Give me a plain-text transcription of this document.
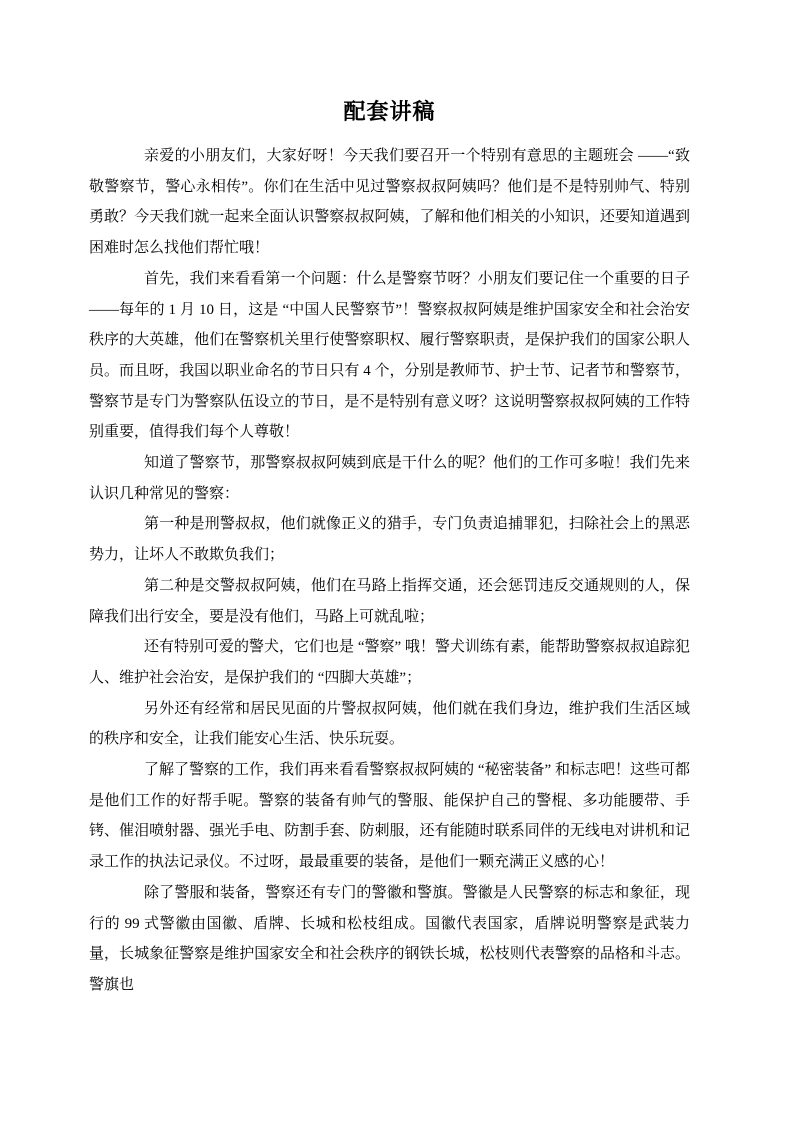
配套讲稿

亲爱的小朋友们，大家好呀！今天我们要召开一个特别有意思的主题班会 ——“致敬警察节，警心永相传”。你们在生活中见过警察叔叔阿姨吗？他们是不是特别帅气、特别勇敢？今天我们就一起来全面认识警察叔叔阿姨，了解和他们相关的小知识，还要知道遇到困难时怎么找他们帮忙哦！

首先，我们来看看第一个问题：什么是警察节呀？小朋友们要记住一个重要的日子 ——每年的 1 月 10 日，这是 “中国人民警察节”！警察叔叔阿姨是维护国家安全和社会治安秩序的大英雄，他们在警察机关里行使警察职权、履行警察职责，是保护我们的国家公职人员。而且呀，我国以职业命名的节日只有 4 个，分别是教师节、护士节、记者节和警察节，警察节是专门为警察队伍设立的节日，是不是特别有意义呀？这说明警察叔叔阿姨的工作特别重要，值得我们每个人尊敬！

知道了警察节，那警察叔叔阿姨到底是干什么的呢？他们的工作可多啦！我们先来认识几种常见的警察：

第一种是刑警叔叔，他们就像正义的猎手，专门负责追捕罪犯，扫除社会上的黑恶势力，让坏人不敢欺负我们；

第二种是交警叔叔阿姨，他们在马路上指挥交通，还会惩罚违反交通规则的人，保障我们出行安全，要是没有他们，马路上可就乱啦；

还有特别可爱的警犬，它们也是 “警察” 哦！警犬训练有素，能帮助警察叔叔追踪犯人、维护社会治安，是保护我们的 “四脚大英雄”；

另外还有经常和居民见面的片警叔叔阿姨，他们就在我们身边，维护我们生活区域的秩序和安全，让我们能安心生活、快乐玩耍。

了解了警察的工作，我们再来看看警察叔叔阿姨的 “秘密装备” 和标志吧！这些可都是他们工作的好帮手呢。警察的装备有帅气的警服、能保护自己的警棍、多功能腰带、手铐、催泪喷射器、强光手电、防割手套、防刺服，还有能随时联系同伴的无线电对讲机和记录工作的执法记录仪。不过呀，最最重要的装备，是他们一颗充满正义感的心！

除了警服和装备，警察还有专门的警徽和警旗。警徽是人民警察的标志和象征，现行的 99 式警徽由国徽、盾牌、长城和松枝组成。国徽代表国家，盾牌说明警察是武装力量，长城象征警察是维护国家安全和社会秩序的钢铁长城，松枝则代表警察的品格和斗志。警旗也
